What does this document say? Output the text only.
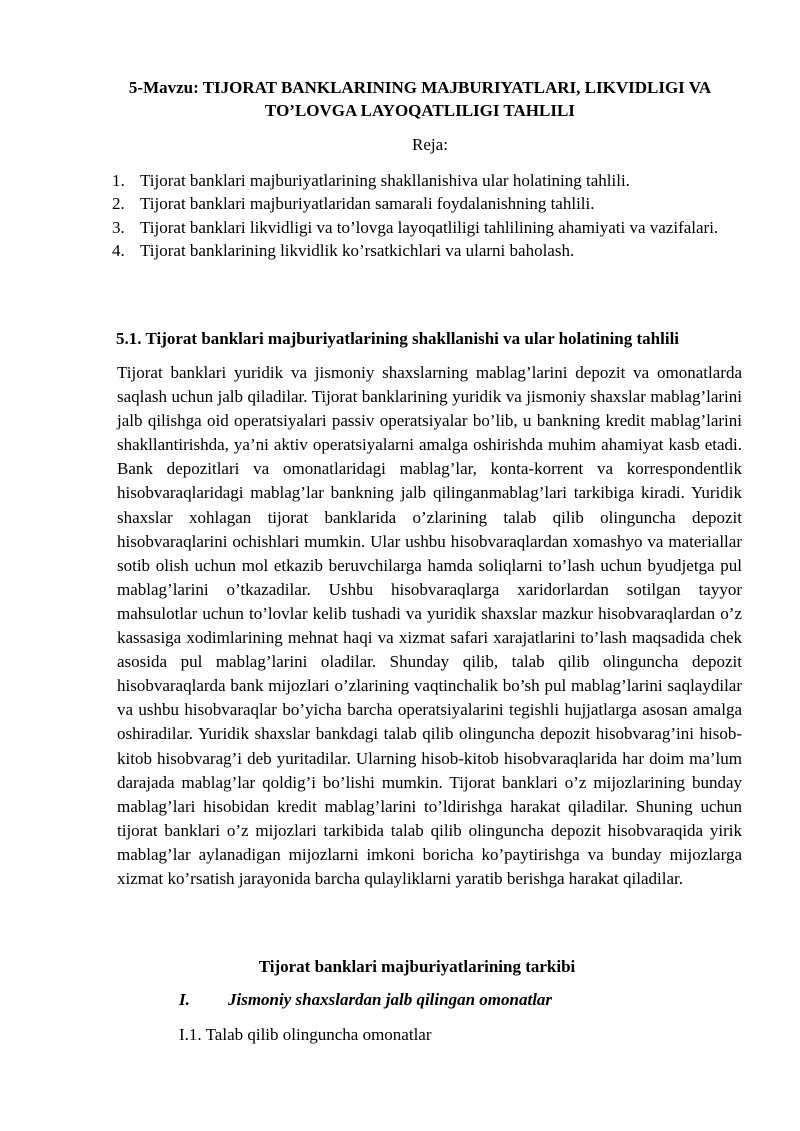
5-Mavzu: TIJORAT BANKLARINING MAJBURIYATLARI, LIKVIDLIGI VA TO’LOVGA LAYOQATLILIGI TAHLILI
Reja:
1. Tijorat banklari majburiyatlarining shakllanishiva ular holatining tahlili.
2. Tijorat banklari majburiyatlaridan samarali foydalanishning tahlili.
3. Tijorat banklari likvidligi va to’lovga layoqatliligi tahlilining ahamiyati va vazifalari.
4. Tijorat banklarining likvidlik ko’rsatkichlari va ularni baholash.
5.1. Tijorat banklari majburiyatlarining shakllanishi va ular holatining tahlili

Tijorat banklari yuridik va jismoniy shaxslarning mablag’larini depozit va omonatlarda saqlash uchun jalb qiladilar. Tijorat banklarining yuridik va jismoniy shaxslar mablag’larini jalb qilishga oid operatsiyalari passiv operatsiyalar bo’lib, u bankning kredit mablag’larini shakllantirishda, ya’ni aktiv operatsiyalarni amalga oshirishda muhim ahamiyat kasb etadi. Bank depozitlari va omonatlaridagi mablag’lar, konta-korrent va korrespondentlik hisobvaraqlaridagi mablag’lar bankning jalb qilinganmablag’lari tarkibiga kiradi. Yuridik shaxslar xohlagan tijorat banklarida o’zlarining talab qilib olinguncha depozit hisobvaraqlarini ochishlari mumkin. Ular ushbu hisobvaraqlardan xomashyo va materiallar sotib olish uchun mol etkazib beruvchilarga hamda soliqlarni to’lash uchun byudjetga pul mablag’larini o’tkazadilar. Ushbu hisobvaraqlarga xaridorlardan sotilgan tayyor mahsulotlar uchun to’lovlar kelib tushadi va yuridik shaxslar mazkur hisobvaraqlardan o’z kassasiga xodimlarining mehnat haqi va xizmat safari xarajatlarini to’lash maqsadida chek asosida pul mablag’larini oladilar. Shunday qilib, talab qilib olinguncha depozit hisobvaraqlarda bank mijozlari o’zlarining vaqtinchalik bo’sh pul mablag’larini saqlaydilar va ushbu hisobvaraqlar bo’yicha barcha operatsiyalarini tegishli hujjatlarga asosan amalga oshiradilar. Yuridik shaxslar bankdagi talab qilib olinguncha depozit hisobvarag’ini hisob-kitob hisobvarag’i deb yuritadilar. Ularning hisob-kitob hisobvaraqlarida har doim ma’lum darajada mablag’lar qoldig’i bo’lishi mumkin. Tijorat banklari o’z mijozlarining bunday mablag’lari hisobidan kredit mablag’larini to’ldirishga harakat qiladilar. Shuning uchun tijorat banklari o’z mijozlari tarkibida talab qilib olinguncha depozit hisobvaraqida yirik mablag’lar aylanadigan mijozlarni imkoni boricha ko’paytirishga va bunday mijozlarga xizmat ko’rsatish jarayonida barcha qulayliklarni yaratib berishga harakat qiladilar.

Tijorat banklari majburiyatlarining tarkibi
I. Jismoniy shaxslardan jalb qilingan omonatlar
I.1. Talab qilib olinguncha omonatlar
